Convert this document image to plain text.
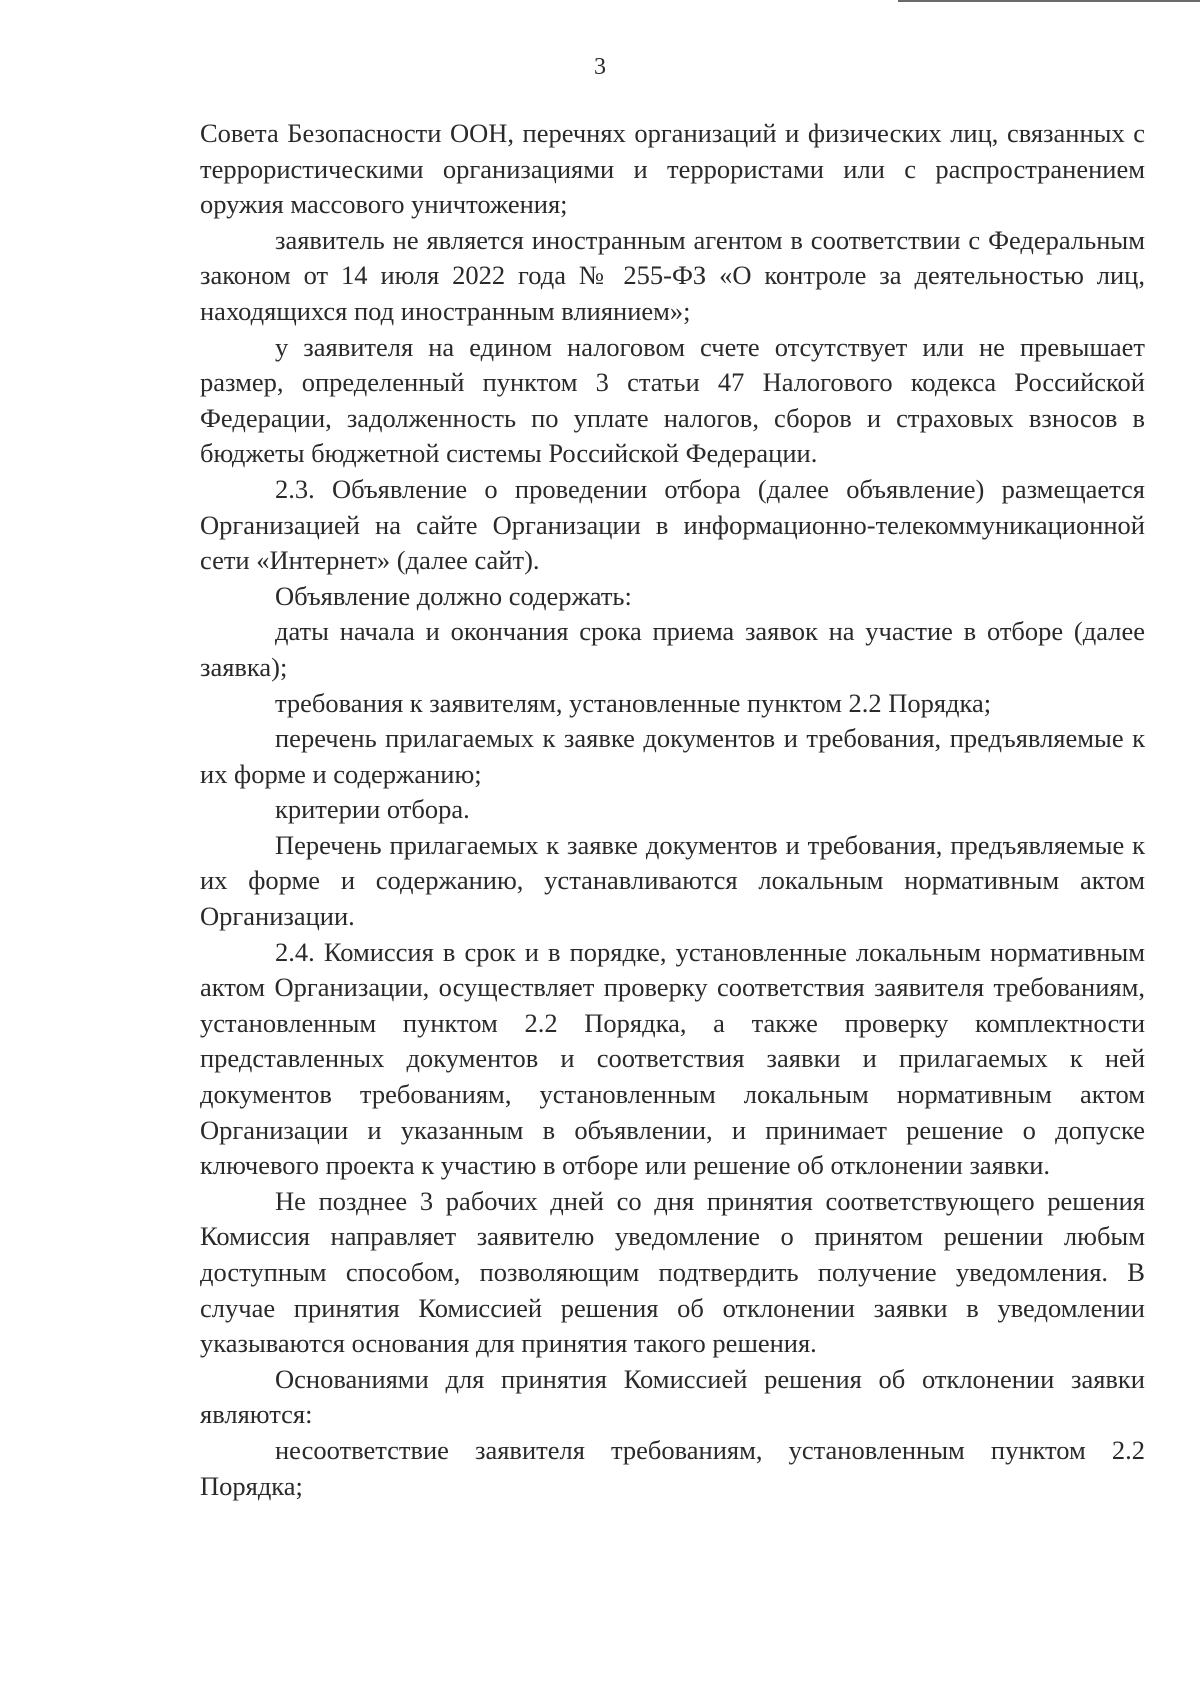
3

Совета Безопасности ООН, перечнях организаций и физических лиц, связанных с террористическими организациями и террористами или с распространением оружия массового уничтожения;

заявитель не является иностранным агентом в соответствии с Федеральным законом от 14 июля 2022 года № 255-ФЗ «О контроле за деятельностью лиц, находящихся под иностранным влиянием»;

у заявителя на едином налоговом счете отсутствует или не превышает размер, определенный пунктом 3 статьи 47 Налогового кодекса Российской Федерации, задолженность по уплате налогов, сборов и страховых взносов в бюджеты бюджетной системы Российской Федерации.

2.3. Объявление о проведении отбора (далее объявление) размещается Организацией на сайте Организации в информационно-телекоммуникационной сети «Интернет» (далее сайт).

Объявление должно содержать:

даты начала и окончания срока приема заявок на участие в отборе (далее заявка);

требования к заявителям, установленные пунктом 2.2 Порядка;

перечень прилагаемых к заявке документов и требования, предъявляемые к их форме и содержанию;

критерии отбора.

Перечень прилагаемых к заявке документов и требования, предъявляемые к их форме и содержанию, устанавливаются локальным нормативным актом Организации.

2.4. Комиссия в срок и в порядке, установленные локальным нормативным актом Организации, осуществляет проверку соответствия заявителя требованиям, установленным пунктом 2.2 Порядка, а также проверку комплектности представленных документов и соответствия заявки и прилагаемых к ней документов требованиям, установленным локальным нормативным актом Организации и указанным в объявлении, и принимает решение о допуске ключевого проекта к участию в отборе или решение об отклонении заявки.

Не позднее 3 рабочих дней со дня принятия соответствующего решения Комиссия направляет заявителю уведомление о принятом решении любым доступным способом, позволяющим подтвердить получение уведомления. В случае принятия Комиссией решения об отклонении заявки в уведомлении указываются основания для принятия такого решения.

Основаниями для принятия Комиссией решения об отклонении заявки являются:

несоответствие заявителя требованиям, установленным пунктом 2.2 Порядка;
